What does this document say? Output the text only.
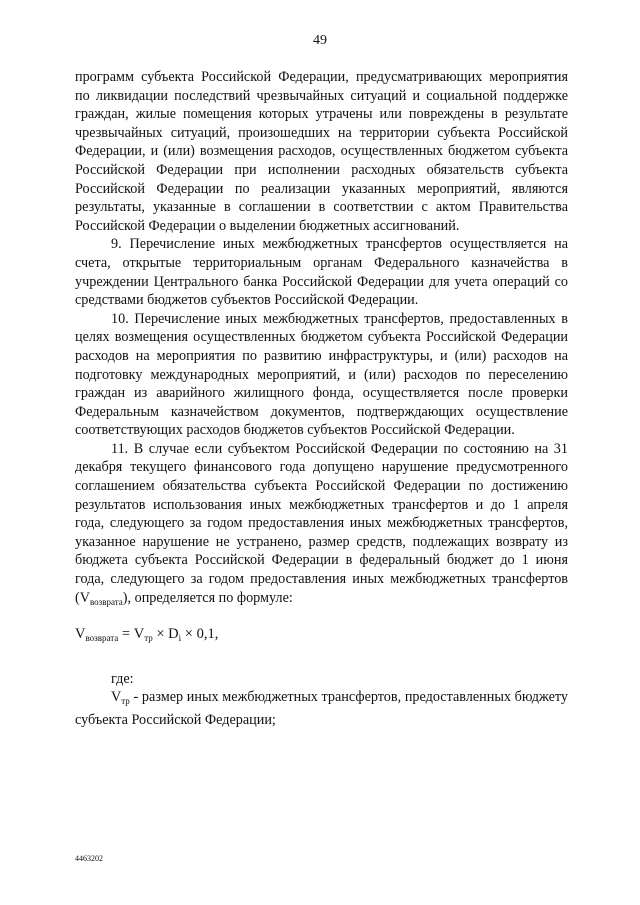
49

программ субъекта Российской Федерации, предусматривающих мероприятия по ликвидации последствий чрезвычайных ситуаций и социальной поддержке граждан, жилые помещения которых утрачены или повреждены в результате чрезвычайных ситуаций, произошедших на территории субъекта Российской Федерации, и (или) возмещения расходов, осуществленных бюджетом субъекта Российской Федерации при исполнении расходных обязательств субъекта Российской Федерации по реализации указанных мероприятий, являются результаты, указанные в соглашении в соответствии с актом Правительства Российской Федерации о выделении бюджетных ассигнований.

9. Перечисление иных межбюджетных трансфертов осуществляется на счета, открытые территориальным органам Федерального казначейства в учреждении Центрального банка Российской Федерации для учета операций со средствами бюджетов субъектов Российской Федерации.

10. Перечисление иных межбюджетных трансфертов, предоставленных в целях возмещения осуществленных бюджетом субъекта Российской Федерации расходов на мероприятия по развитию инфраструктуры, и (или) расходов на подготовку международных мероприятий, и (или) расходов по переселению граждан из аварийного жилищного фонда, осуществляется после проверки Федеральным казначейством документов, подтверждающих осуществление соответствующих расходов бюджетов субъектов Российской Федерации.

11. В случае если субъектом Российской Федерации по состоянию на 31 декабря текущего финансового года допущено нарушение предусмотренного соглашением обязательства субъекта Российской Федерации по достижению результатов использования иных межбюджетных трансфертов и до 1 апреля года, следующего за годом предоставления иных межбюджетных трансфертов, указанное нарушение не устранено, размер средств, подлежащих возврату из бюджета субъекта Российской Федерации в федеральный бюджет до 1 июня года, следующего за годом предоставления иных межбюджетных трансфертов $(V_{возврата})$, определяется по формуле:

$V_{возврата} = V_{тр} \times D_i \times 0,1$,

где:

$V_{тр}$ - размер иных межбюджетных трансфертов, предоставленных бюджету субъекта Российской Федерации;

4463202
